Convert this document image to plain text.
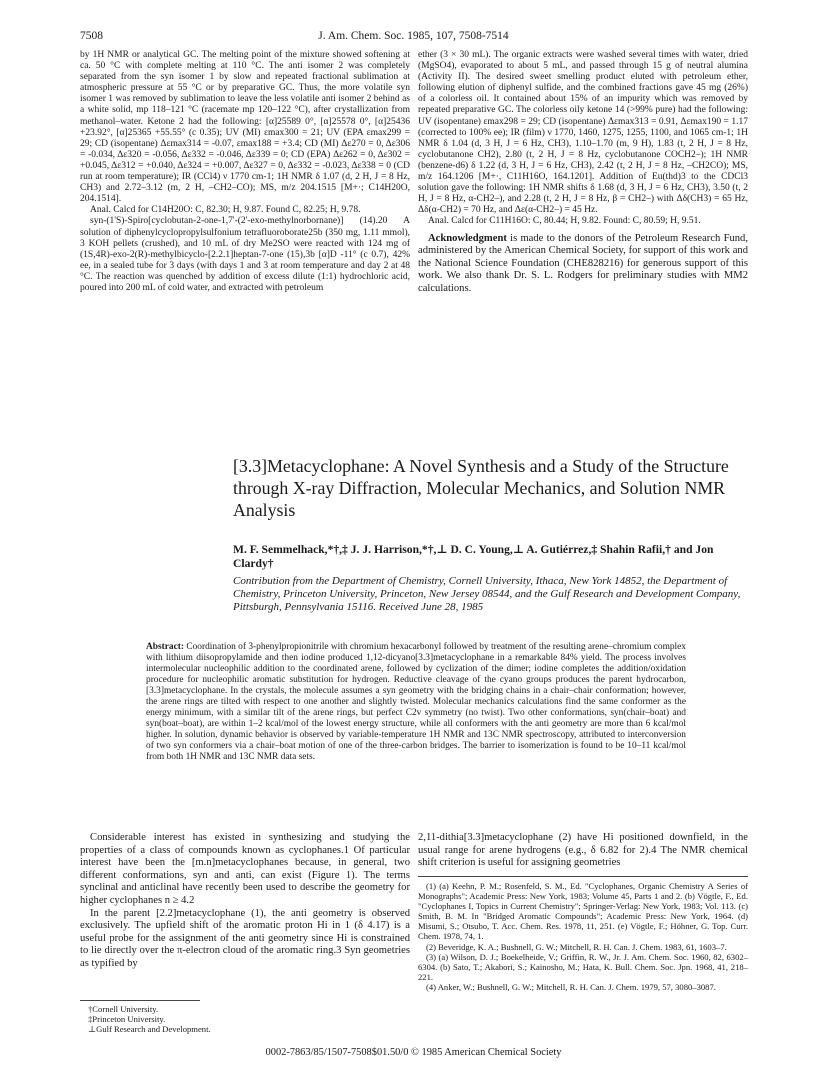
7508	J. Am. Chem. Soc. 1985, 107, 7508-7514

by 1H NMR or analytical GC. The melting point of the mixture showed softening at ca. 50 °C with complete melting at 110 °C. The anti isomer 2 was completely separated from the syn isomer 1 by slow and repeated fractional sublimation at atmospheric pressure at 55 °C or by preparative GC. Thus, the more volatile syn isomer 1 was removed by sublimation to leave the less volatile anti isomer 2 behind as a white solid, mp 118–121 °C (racemate mp 120–122 °C), after crystallization from methanol–water. Ketone 2 had the following: [α]25589 0°, [α]25578 0°, [α]25436 +23.92°, [α]25365 +55.55° (c 0.35); UV (MI) εmax300 = 21; UV (EPA εmax299 = 29; CD (isopentane) Δεmax314 = -0.07, εmax188 = +3.4; CD (MI) Δε270 = 0, Δε306 = -0.034, Δε320 = -0.056, Δε332 = -0.046, Δε339 = 0; CD (EPA) Δε262 = 0, Δε302 = +0.045, Δε312 = +0.040, Δε324 = +0.007, Δε327 = 0, Δε332 = -0.023, Δε338 = 0 (CD run at room temperature); IR (CCl4) ν 1770 cm-1; 1H NMR δ 1.07 (d, 2 H, J = 8 Hz, CH3) and 2.72–3.12 (m, 2 H, –CH2–CO); MS, m/z 204.1515 [M+·; C14H20O, 204.1514].

Anal. Calcd for C14H20O: C, 82.30; H, 9.87. Found C, 82.25; H, 9.78.

syn-(1'S)-Spiro[cyclobutan-2-one-1,7'-(2'-exo-methylnorbornane)] (14).20 A solution of diphenylcyclopropylsulfonium tetrafluoroborate25b (350 mg, 1.11 mmol), 3 KOH pellets (crushed), and 10 mL of dry Me2SO were reacted with 124 mg of (1S,4R)-exo-2(R)-methylbicyclo-[2.2.1]heptan-7-one (15),3b [α]D -11° (c 0.7), 42% ee, in a sealed tube for 3 days (with days 1 and 3 at room temperature and day 2 at 48 °C. The reaction was quenched by addition of excess dilute (1:1) hydrochloric acid, poured into 200 mL of cold water, and extracted with petroleum

ether (3 × 30 mL). The organic extracts were washed several times with water, dried (MgSO4), evaporated to about 5 mL, and passed through 15 g of neutral alumina (Activity II). The desired sweet smelling product eluted with petroleum ether, following elution of diphenyl sulfide, and the combined fractions gave 45 mg (26%) of a colorless oil. It contained about 15% of an impurity which was removed by repeated preparative GC. The colorless oily ketone 14 (>99% pure) had the following: UV (isopentane) εmax298 = 29; CD (isopentane) Δεmax313 = 0.91, Δεmax190 = 1.17 (corrected to 100% ee); IR (film) ν 1770, 1460, 1275, 1255, 1100, and 1065 cm-1; 1H NMR δ 1.04 (d, 3 H, J = 6 Hz, CH3), 1.10–1.70 (m, 9 H), 1.83 (t, 2 H, J = 8 Hz, cyclobutanone CH2), 2.80 (t, 2 H, J = 8 Hz, cyclobutanone COCH2–); 1H NMR (benzene-d6) δ 1.22 (d, 3 H, J = 6 Hz, CH3), 2.42 (t, 2 H, J = 8 Hz, –CH2CO); MS, m/z 164.1206 [M+·, C11H16O, 164.1201]. Addition of Eu(thd)3 to the CDCl3 solution gave the following: 1H NMR shifts δ 1.68 (d, 3 H, J = 6 Hz, CH3), 3.50 (t, 2 H, J = 8 Hz, α-CH2–), and 2.28 (t, 2 H, J = 8 Hz, β = CH2–) with Δδ(CH3) = 65 Hz, Δδ(α-CH2) = 70 Hz, and Δε(α-CH2–) = 45 Hz.

Anal. Calcd for C11H16O: C, 80.44; H, 9.82. Found: C, 80.59; H, 9.51.

Acknowledgment is made to the donors of the Petroleum Research Fund, administered by the American Chemical Society, for support of this work and the National Science Foundation (CHE828216) for generous support of this work. We also thank Dr. S. L. Rodgers for preliminary studies with MM2 calculations.

[3.3]Metacyclophane: A Novel Synthesis and a Study of the Structure through X-ray Diffraction, Molecular Mechanics, and Solution NMR Analysis
M. F. Semmelhack,*†,‡ J. J. Harrison,*†,⊥ D. C. Young,⊥ A. Gutiérrez,‡ Shahin Rafii,† and Jon Clardy†
Contribution from the Department of Chemistry, Cornell University, Ithaca, New York 14852, the Department of Chemistry, Princeton University, Princeton, New Jersey 08544, and the Gulf Research and Development Company, Pittsburgh, Pennsylvania 15116. Received June 28, 1985
Abstract: Coordination of 3-phenylpropionitrile with chromium hexacarbonyl followed by treatment of the resulting arene–chromium complex with lithium diisopropylamide and then iodine produced 1,12-dicyano[3.3]metacyclophane in a remarkable 84% yield. The process involves intermolecular nucleophilic addition to the coordinated arene, followed by cyclization of the dimer; iodine completes the addition/oxidation procedure for nucleophilic aromatic substitution for hydrogen. Reductive cleavage of the cyano groups produces the parent hydrocarbon, [3.3]metacyclophane. In the crystals, the molecule assumes a syn geometry with the bridging chains in a chair–chair conformation; however, the arene rings are tilted with respect to one another and slightly twisted. Molecular mechanics calculations find the same conformer as the energy minimum, with a similar tilt of the arene rings, but perfect C2v symmetry (no twist). Two other conformations, syn(chair–boat) and syn(boat–boat), are within 1–2 kcal/mol of the lowest energy structure, while all conformers with the anti geometry are more than 6 kcal/mol higher. In solution, dynamic behavior is observed by variable-temperature 1H NMR and 13C NMR spectroscopy, attributed to interconversion of two syn conformers via a chair–boat motion of one of the three-carbon bridges. The barrier to isomerization is found to be 10–11 kcal/mol from both 1H NMR and 13C NMR data sets.

Considerable interest has existed in synthesizing and studying the properties of a class of compounds known as cyclophanes.1 Of particular interest have been the [m.n]metacyclophanes because, in general, two different conformations, syn and anti, can exist (Figure 1). The terms synclinal and anticlinal have recently been used to describe the geometry for higher cyclophanes n ≥ 4.2

In the parent [2.2]metacyclophane (1), the anti geometry is observed exclusively. The upfield shift of the aromatic proton Hi in 1 (δ 4.17) is a useful probe for the assignment of the anti geometry since Hi is constrained to lie directly over the π-electron cloud of the aromatic ring.3 Syn geometries as typified by

2,11-dithia[3.3]metacyclophane (2) have Hi positioned downfield, in the usual range for arene hydrogens (e.g., δ 6.82 for 2).4 The NMR chemical shift criterion is useful for assigning geometries

(1) (a) Keehn, P. M.; Rosenfeld, S. M., Ed. "Cyclophanes, Organic Chemistry A Series of Monographs"; Academic Press: New York, 1983; Volume 45, Parts 1 and 2. (b) Vögtle, F., Ed. "Cyclophanes I, Topics in Current Chemistry"; Springer-Verlag: New York, 1983; Vol. 113. (c) Smith, B. M. In "Bridged Aromatic Compounds"; Academic Press: New York, 1964. (d) Misumi, S.; Otsubo, T. Acc. Chem. Res. 1978, 11, 251. (e) Vögtle, F.; Höhner, G. Top. Curr. Chem. 1978, 74, 1.

(2) Beveridge, K. A.; Bushnell, G. W.; Mitchell, R. H. Can. J. Chem. 1983, 61, 1603–7.

(3) (a) Wilson, D. J.; Boekelheide, V.; Griffin, R. W., Jr. J. Am. Chem. Soc. 1960, 82, 6302–6304. (b) Sato, T.; Akabori, S.; Kainosho, M.; Hata, K. Bull. Chem. Soc. Jpn. 1968, 41, 218–221.

(4) Anker, W.; Bushnell, G. W.; Mitchell, R. H. Can. J. Chem. 1979, 57, 3080–3087.

†Cornell University.
‡Princeton University.
⊥Gulf Research and Development.
0002-7863/85/1507-7508$01.50/0 © 1985 American Chemical Society
